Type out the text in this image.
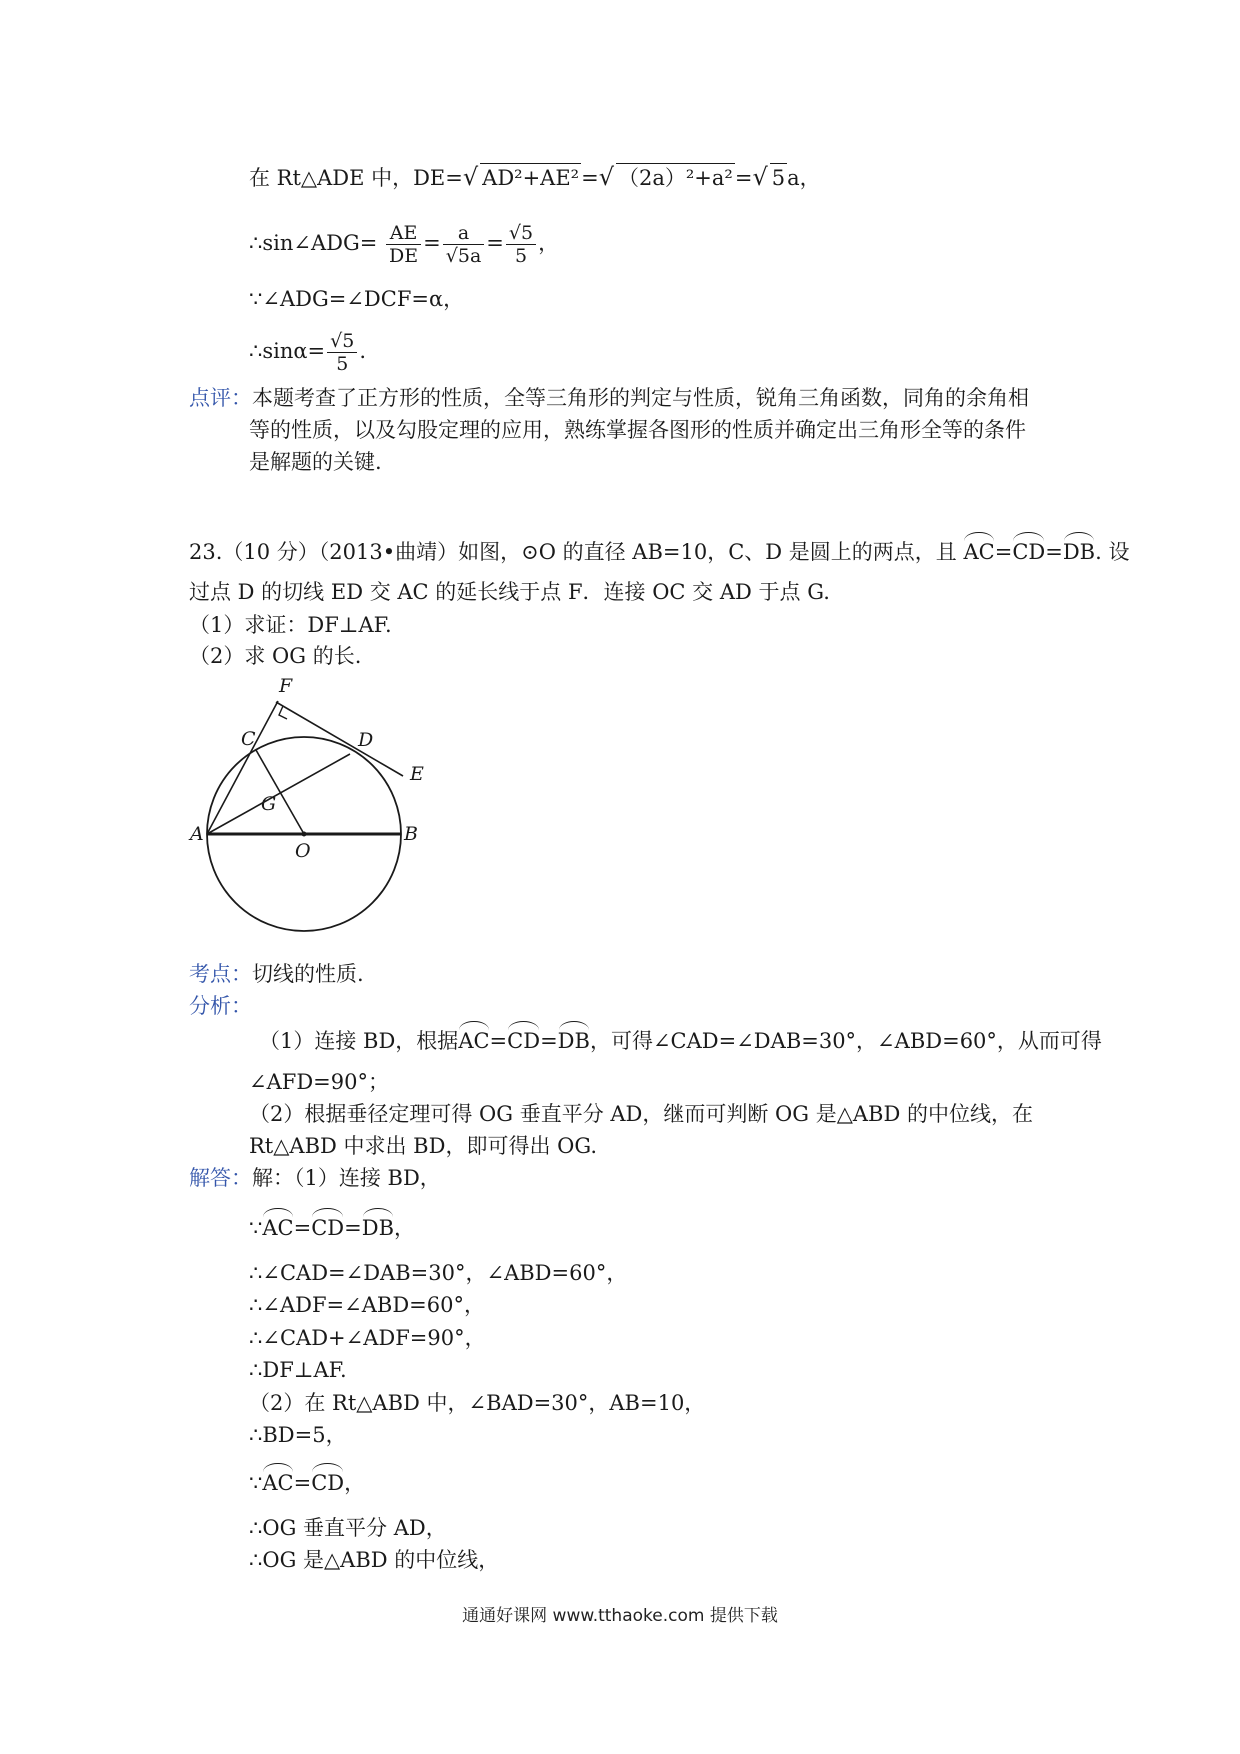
在 Rt△ADE 中，DE=√ AD²+AE²=√ （2a）²+a²=√ 5a，
∴sin∠ADG= $\frac{AE}{DE} = \frac{a}{√5a} = \frac{√5}{5}$ ，
∵∠ADG=∠DCF=α，
∴sinα= $\frac{√5}{5}$ .
点评：本题考查了正方形的性质，全等三角形的判定与性质，锐角三角函数，同角的余角相
等的性质，以及勾股定理的应用，熟练掌握各图形的性质并确定出三角形全等的条件
是解题的关键.
23.（10 分）（2013•曲靖）如图，⊙O 的直径 AB=10，C、D 是圆上的两点，且 AC=CD=DB. 设
过点 D 的切线 ED 交 AC 的延长线于点 F．连接 OC 交 AD 于点 G.
（1）求证：DF⊥AF.
（2）求 OG 的长.
F
C	D
E
G
A
O
B
考点：切线的性质.
分析：
（1）连接 BD，根据AC=CD=DB，可得∠CAD=∠DAB=30°，∠ABD=60°，从而可得
∠AFD=90°；
（2）根据垂径定理可得 OG 垂直平分 AD，继而可判断 OG 是△ABD 的中位线，在
Rt△ABD 中求出 BD，即可得出 OG.
解答：解：（1）连接 BD，
∵AC=CD=DB，
∴∠CAD=∠DAB=30°，∠ABD=60°，
∴∠ADF=∠ABD=60°，
∴∠CAD+∠ADF=90°，
∴DF⊥AF.
（2）在 Rt△ABD 中，∠BAD=30°，AB=10，
∴BD=5，
∵AC=CD，
∴OG 垂直平分 AD，
∴OG 是△ABD 的中位线，
通通好课网 www.tthaoke.com 提供下载
